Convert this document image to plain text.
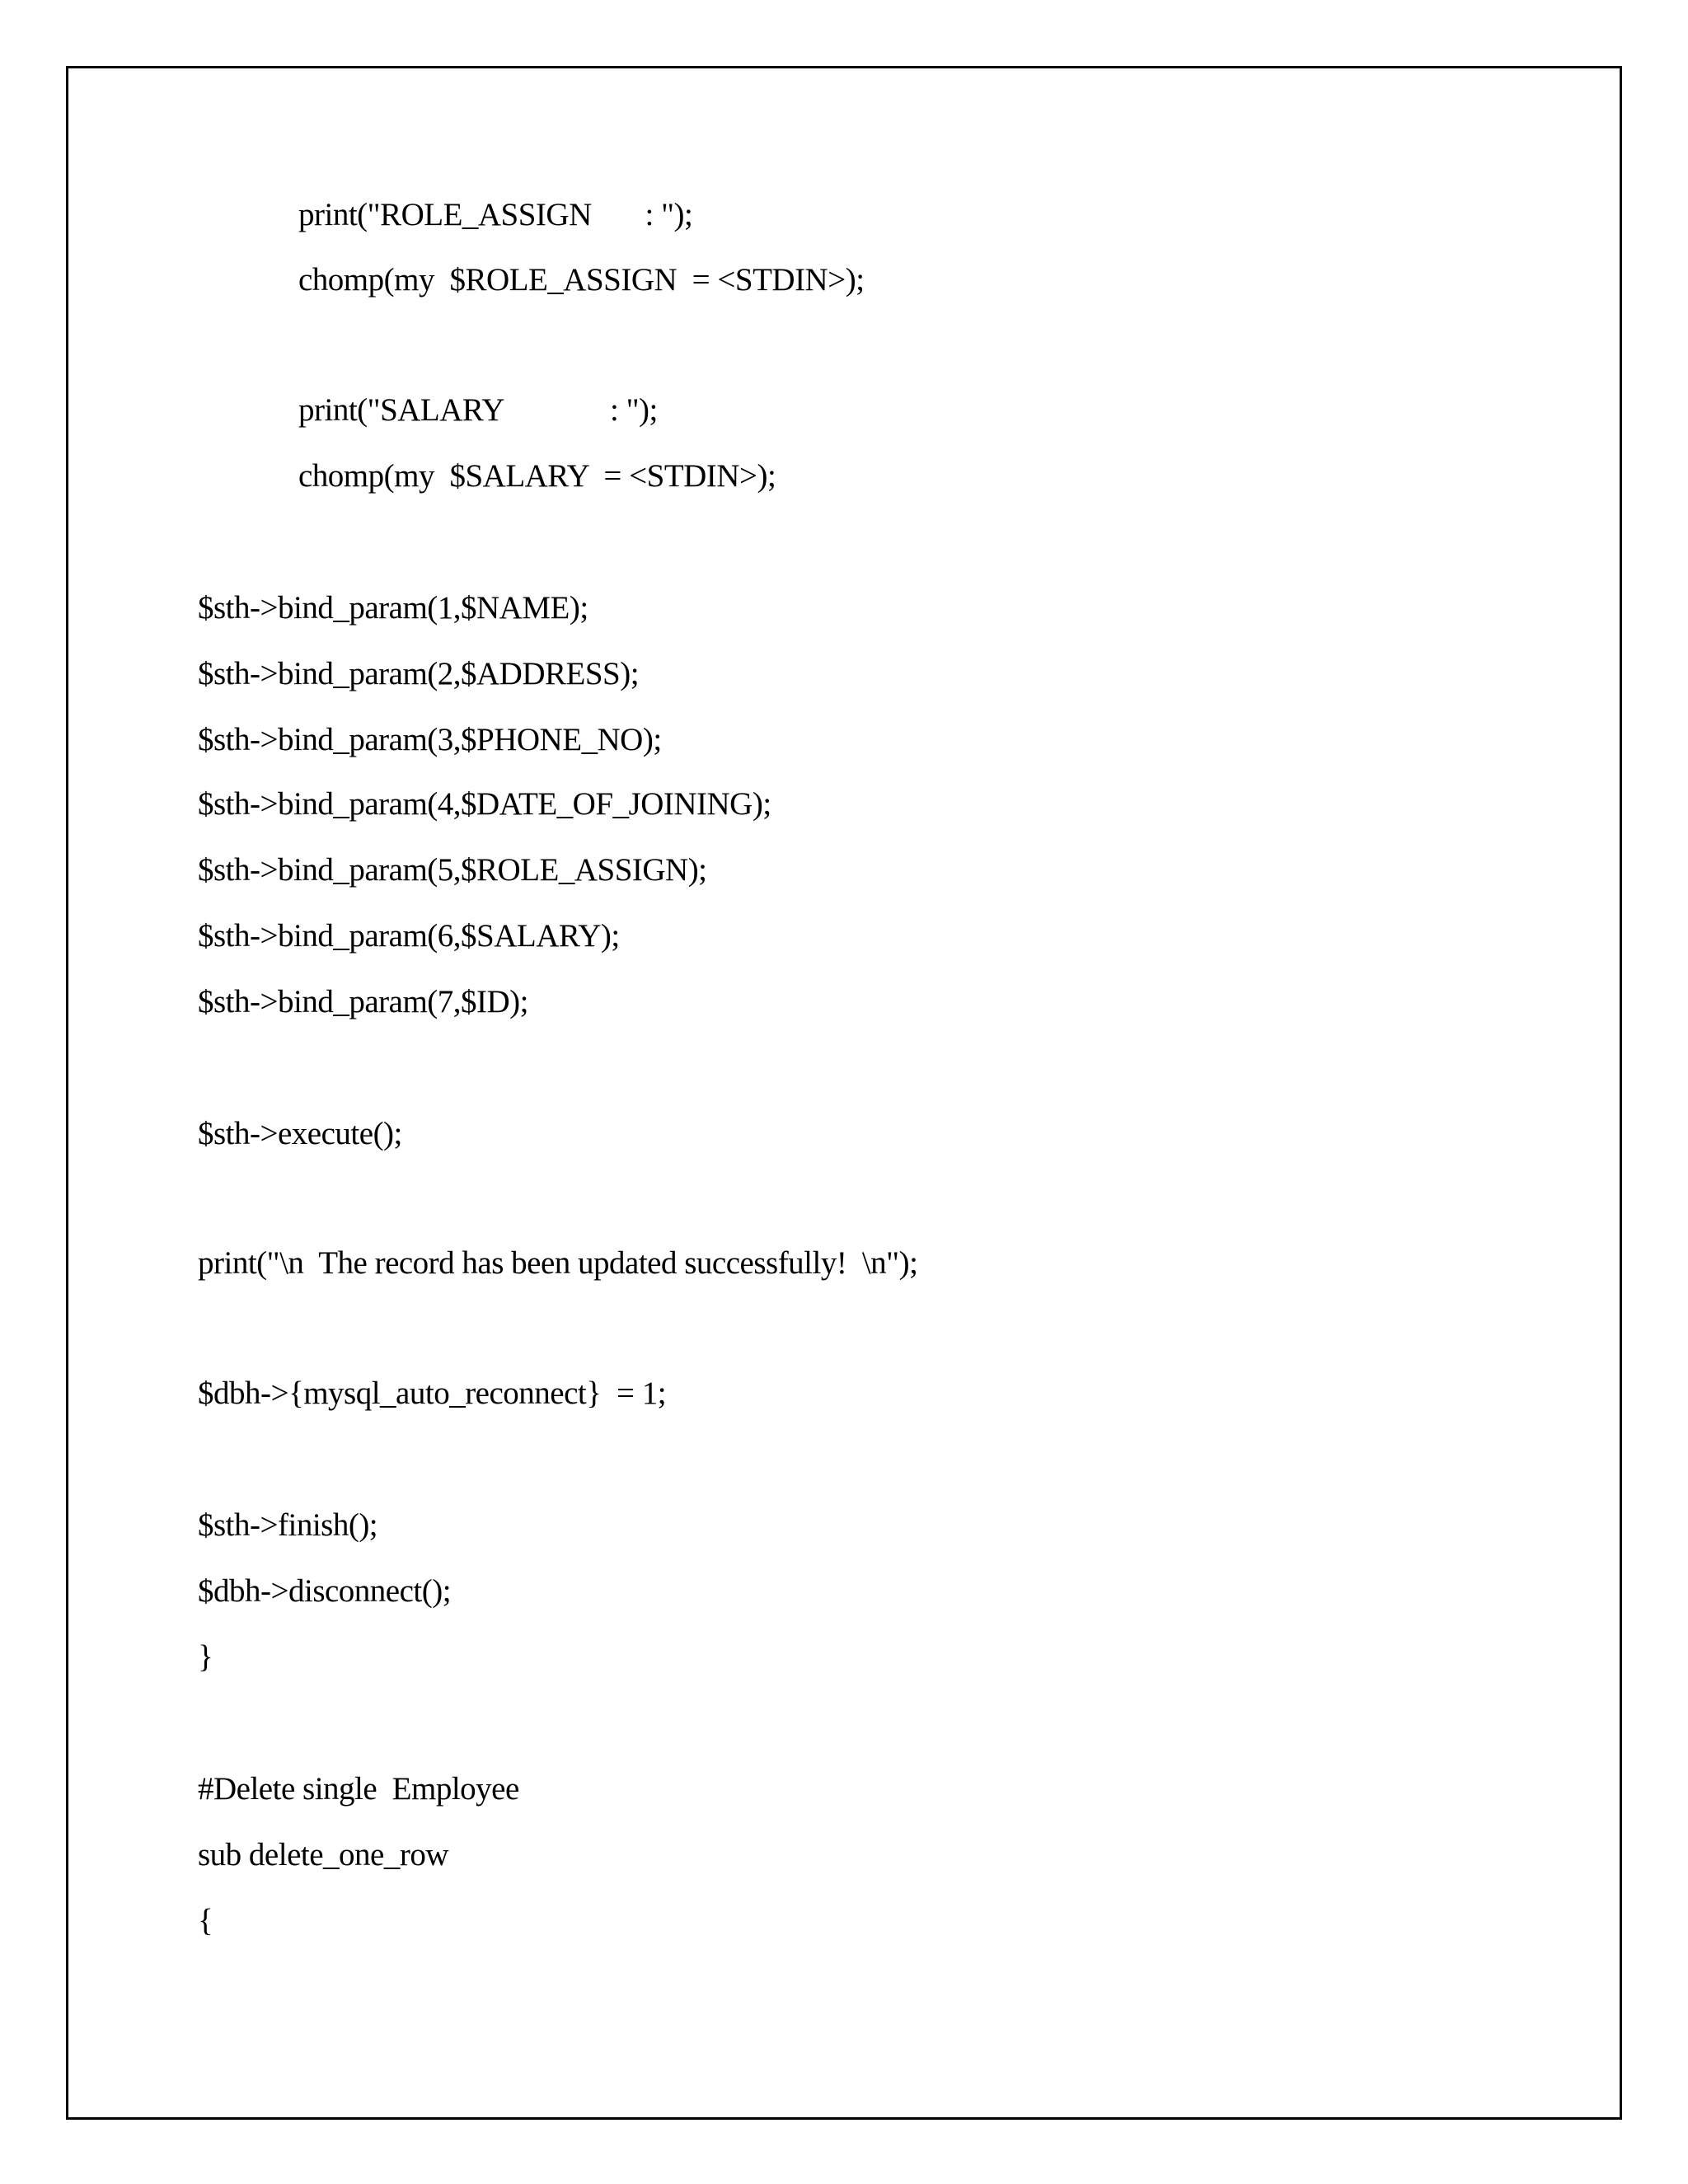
print("ROLE_ASSIGN       : ");
chomp(my  $ROLE_ASSIGN  = <STDIN>);
print("SALARY              : ");
chomp(my  $SALARY  = <STDIN>);
$sth->bind_param(1,$NAME);
$sth->bind_param(2,$ADDRESS);
$sth->bind_param(3,$PHONE_NO);
$sth->bind_param(4,$DATE_OF_JOINING);
$sth->bind_param(5,$ROLE_ASSIGN);
$sth->bind_param(6,$SALARY);
$sth->bind_param(7,$ID);
$sth->execute();
print("\n  The record has been updated successfully!  \n");
$dbh->{mysql_auto_reconnect}  = 1;
$sth->finish();
$dbh->disconnect();
}
#Delete single  Employee
sub delete_one_row
{
